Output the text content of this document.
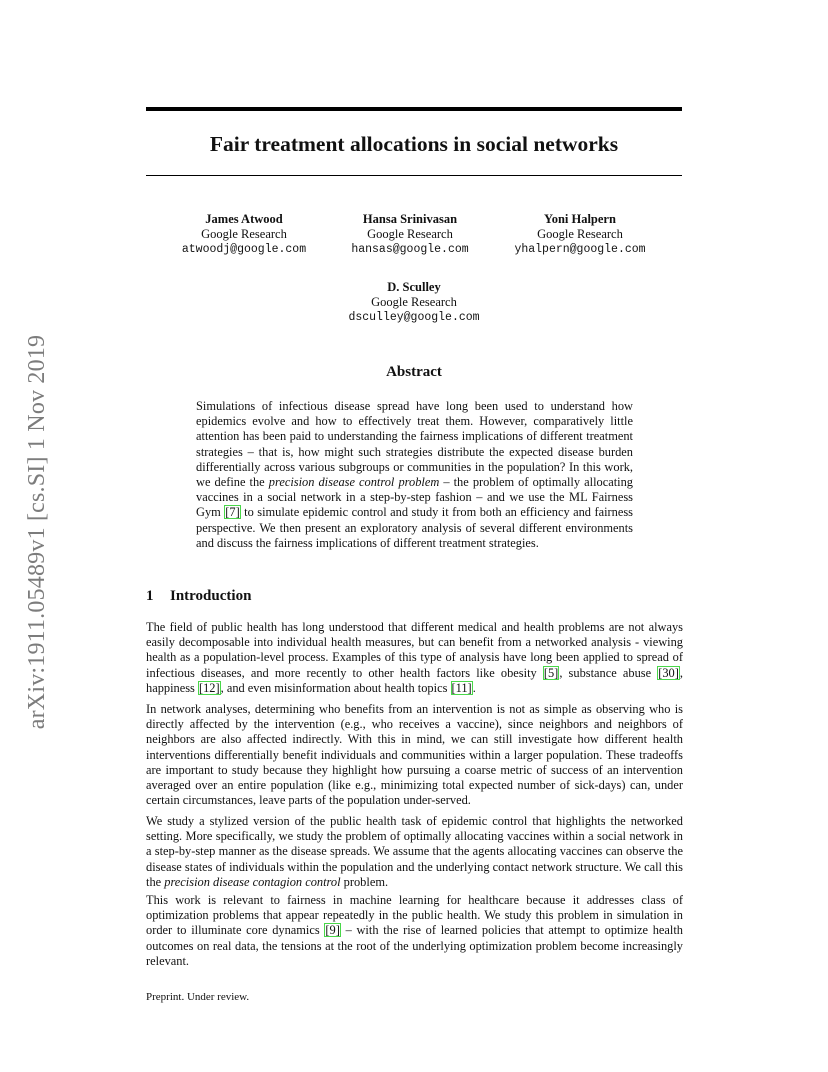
arXiv:1911.05489v1 [cs.SI] 1 Nov 2019
Fair treatment allocations in social networks
James Atwood
Google Research
atwoodj@google.com
Hansa Srinivasan
Google Research
hansas@google.com
Yoni Halpern
Google Research
yhalpern@google.com
D. Sculley
Google Research
dsculley@google.com
Abstract

Simulations of infectious disease spread have long been used to understand how epidemics evolve and how to effectively treat them. However, comparatively little attention has been paid to understanding the fairness implications of different treatment strategies – that is, how might such strategies distribute the expected disease burden differentially across various subgroups or communities in the population? In this work, we define the precision disease control problem – the problem of optimally allocating vaccines in a social network in a step-by-step fashion – and we use the ML Fairness Gym [7] to simulate epidemic control and study it from both an efficiency and fairness perspective. We then present an exploratory analysis of several different environments and discuss the fairness implications of different treatment strategies.

1 Introduction

The field of public health has long understood that different medical and health problems are not always easily decomposable into individual health measures, but can benefit from a networked analysis - viewing health as a population-level process. Examples of this type of analysis have long been applied to spread of infectious diseases, and more recently to other health factors like obesity [5], substance abuse [30], happiness [12], and even misinformation about health topics [11].

In network analyses, determining who benefits from an intervention is not as simple as observing who is directly affected by the intervention (e.g., who receives a vaccine), since neighbors and neighbors of neighbors are also affected indirectly. With this in mind, we can still investigate how different health interventions differentially benefit individuals and communities within a larger population. These tradeoffs are important to study because they highlight how pursuing a coarse metric of success of an intervention averaged over an entire population (like e.g., minimizing total expected number of sick-days) can, under certain circumstances, leave parts of the population under-served.

We study a stylized version of the public health task of epidemic control that highlights the networked setting. More specifically, we study the problem of optimally allocating vaccines within a social network in a step-by-step manner as the disease spreads. We assume that the agents allocating vaccines can observe the disease states of individuals within the population and the underlying contact network structure. We call this the precision disease contagion control problem.

This work is relevant to fairness in machine learning for healthcare because it addresses class of optimization problems that appear repeatedly in the public health. We study this problem in simulation in order to illuminate core dynamics [9] – with the rise of learned policies that attempt to optimize health outcomes on real data, the tensions at the root of the underlying optimization problem become increasingly relevant.

Preprint. Under review.
